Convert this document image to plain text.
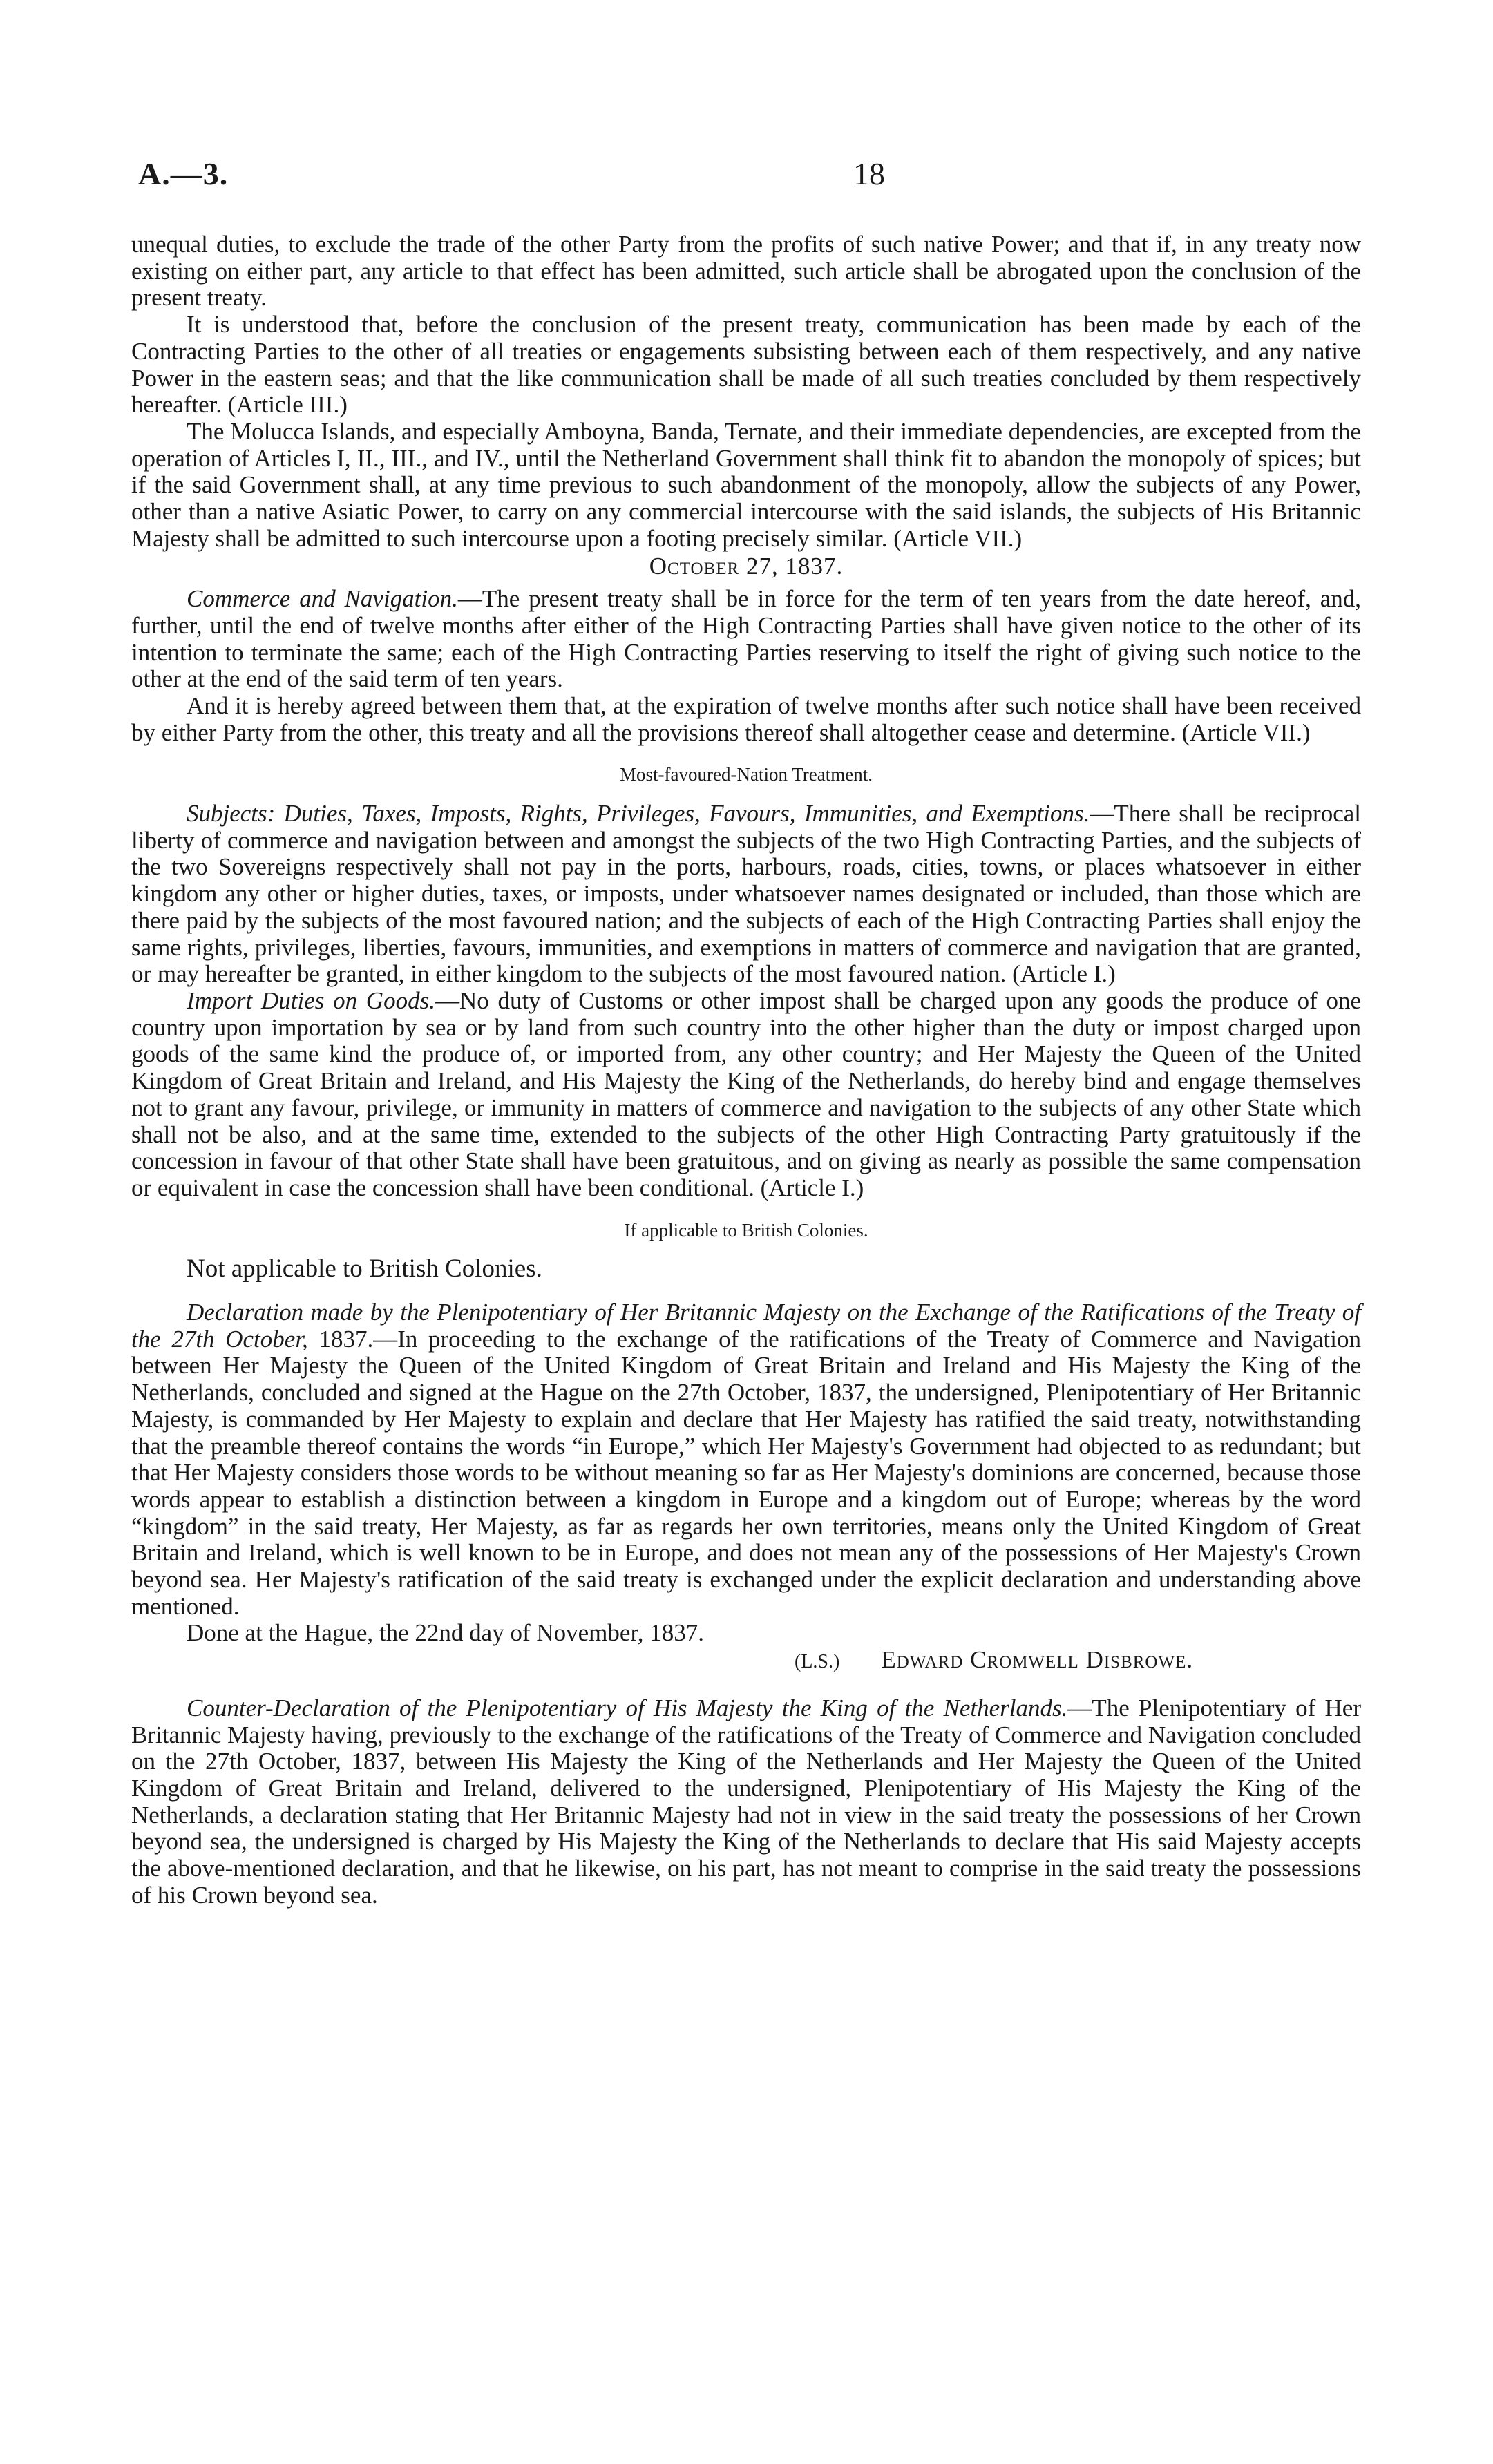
A.—3.	18

unequal duties, to exclude the trade of the other Party from the profits of such native Power; and that if, in any treaty now existing on either part, any article to that effect has been admitted, such article shall be abrogated upon the conclusion of the present treaty.

It is understood that, before the conclusion of the present treaty, communication has been made by each of the Contracting Parties to the other of all treaties or engagements subsisting between each of them respectively, and any native Power in the eastern seas; and that the like communication shall be made of all such treaties concluded by them respectively hereafter. (Article III.)

The Molucca Islands, and especially Amboyna, Banda, Ternate, and their immediate dependencies, are excepted from the operation of Articles I, II., III., and IV., until the Netherland Government shall think fit to abandon the monopoly of spices; but if the said Government shall, at any time previous to such abandonment of the monopoly, allow the subjects of any Power, other than a native Asiatic Power, to carry on any commercial intercourse with the said islands, the subjects of His Britannic Majesty shall be admitted to such intercourse upon a footing precisely similar. (Article VII.)

October 27, 1837.

Commerce and Navigation.—The present treaty shall be in force for the term of ten years from the date hereof, and, further, until the end of twelve months after either of the High Contracting Parties shall have given notice to the other of its intention to terminate the same; each of the High Contracting Parties reserving to itself the right of giving such notice to the other at the end of the said term of ten years.

And it is hereby agreed between them that, at the expiration of twelve months after such notice shall have been received by either Party from the other, this treaty and all the provisions thereof shall altogether cease and determine. (Article VII.)

Most-favoured-Nation Treatment.

Subjects: Duties, Taxes, Imposts, Rights, Privileges, Favours, Immunities, and Exemptions.—There shall be reciprocal liberty of commerce and navigation between and amongst the subjects of the two High Contracting Parties, and the subjects of the two Sovereigns respectively shall not pay in the ports, harbours, roads, cities, towns, or places whatsoever in either kingdom any other or higher duties, taxes, or imposts, under whatsoever names designated or included, than those which are there paid by the subjects of the most favoured nation; and the subjects of each of the High Contracting Parties shall enjoy the same rights, privileges, liberties, favours, immunities, and exemptions in matters of commerce and navigation that are granted, or may hereafter be granted, in either kingdom to the subjects of the most favoured nation. (Article I.)

Import Duties on Goods.—No duty of Customs or other impost shall be charged upon any goods the produce of one country upon importation by sea or by land from such country into the other higher than the duty or impost charged upon goods of the same kind the produce of, or imported from, any other country; and Her Majesty the Queen of the United Kingdom of Great Britain and Ireland, and His Majesty the King of the Netherlands, do hereby bind and engage themselves not to grant any favour, privilege, or immunity in matters of commerce and navigation to the subjects of any other State which shall not be also, and at the same time, extended to the subjects of the other High Contracting Party gratuitously if the concession in favour of that other State shall have been gratuitous, and on giving as nearly as possible the same compensation or equivalent in case the concession shall have been conditional. (Article I.)

If applicable to British Colonies.

Not applicable to British Colonies.

Declaration made by the Plenipotentiary of Her Britannic Majesty on the Exchange of the Ratifications of the Treaty of the 27th October, 1837.—In proceeding to the exchange of the ratifications of the Treaty of Commerce and Navigation between Her Majesty the Queen of the United Kingdom of Great Britain and Ireland and His Majesty the King of the Netherlands, concluded and signed at the Hague on the 27th October, 1837, the undersigned, Plenipotentiary of Her Britannic Majesty, is commanded by Her Majesty to explain and declare that Her Majesty has ratified the said treaty, notwithstanding that the preamble thereof contains the words “in Europe,” which Her Majesty's Government had objected to as redundant; but that Her Majesty considers those words to be without meaning so far as Her Majesty's dominions are concerned, because those words appear to establish a distinction between a kingdom in Europe and a kingdom out of Europe; whereas by the word “kingdom” in the said treaty, Her Majesty, as far as regards her own territories, means only the United Kingdom of Great Britain and Ireland, which is well known to be in Europe, and does not mean any of the possessions of Her Majesty's Crown beyond sea. Her Majesty's ratification of the said treaty is exchanged under the explicit declaration and understanding above mentioned.

Done at the Hague, the 22nd day of November, 1837.

(L.S.) Edward Cromwell Disbrowe.

Counter-Declaration of the Plenipotentiary of His Majesty the King of the Netherlands.—The Plenipotentiary of Her Britannic Majesty having, previously to the exchange of the ratifications of the Treaty of Commerce and Navigation concluded on the 27th October, 1837, between His Majesty the King of the Netherlands and Her Majesty the Queen of the United Kingdom of Great Britain and Ireland, delivered to the undersigned, Plenipotentiary of His Majesty the King of the Netherlands, a declaration stating that Her Britannic Majesty had not in view in the said treaty the possessions of her Crown beyond sea, the undersigned is charged by His Majesty the King of the Netherlands to declare that His said Majesty accepts the above-mentioned declaration, and that he likewise, on his part, has not meant to comprise in the said treaty the possessions of his Crown beyond sea.
